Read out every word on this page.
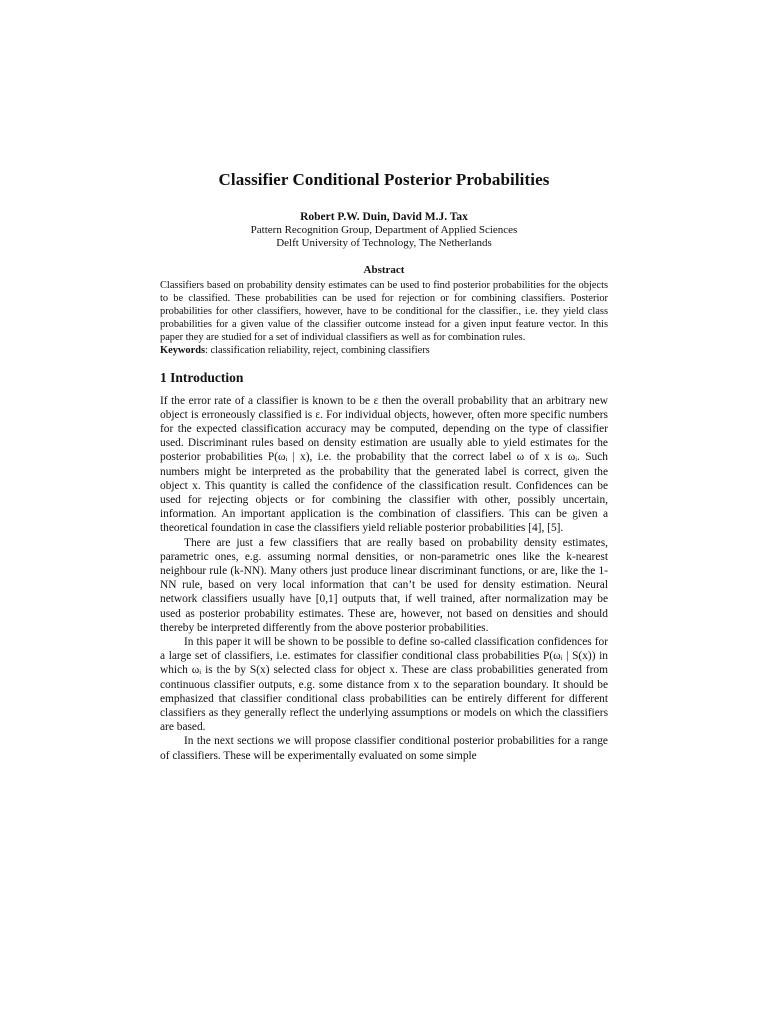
Classifier Conditional Posterior Probabilities

Robert P.W. Duin, David M.J. Tax

Pattern Recognition Group, Department of Applied Sciences

Delft University of Technology, The Netherlands

Abstract

Classifiers based on probability density estimates can be used to find posterior probabilities for the objects to be classified. These probabilities can be used for rejection or for combining classifiers. Posterior probabilities for other classifiers, however, have to be conditional for the classifier., i.e. they yield class probabilities for a given value of the classifier outcome instead for a given input feature vector. In this paper they are studied for a set of individual classifiers as well as for combination rules.

Keywords: classification reliability, reject, combining classifiers

1 Introduction

If the error rate of a classifier is known to be ε then the overall probability that an arbitrary new object is erroneously classified is ε. For individual objects, however, often more specific numbers for the expected classification accuracy may be computed, depending on the type of classifier used. Discriminant rules based on density estimation are usually able to yield estimates for the posterior probabilities P(ωᵢ | x), i.e. the probability that the correct label ω of x is ωᵢ. Such numbers might be interpreted as the probability that the generated label is correct, given the object x. This quantity is called the confidence of the classification result. Confidences can be used for rejecting objects or for combining the classifier with other, possibly uncertain, information. An important application is the combination of classifiers. This can be given a theoretical foundation in case the classifiers yield reliable posterior probabilities [4], [5].

There are just a few classifiers that are really based on probability density estimates, parametric ones, e.g. assuming normal densities, or non-parametric ones like the k-nearest neighbour rule (k-NN). Many others just produce linear discriminant functions, or are, like the 1-NN rule, based on very local information that can’t be used for density estimation. Neural network classifiers usually have [0,1] outputs that, if well trained, after normalization may be used as posterior probability estimates. These are, however, not based on densities and should thereby be interpreted differently from the above posterior probabilities.

In this paper it will be shown to be possible to define so-called classification confidences for a large set of classifiers, i.e. estimates for classifier conditional class probabilities P(ωᵢ | S(x)) in which ωᵢ is the by S(x) selected class for object x. These are class probabilities generated from continuous classifier outputs, e.g. some distance from x to the separation boundary. It should be emphasized that classifier conditional class probabilities can be entirely different for different classifiers as they generally reflect the underlying assumptions or models on which the classifiers are based.

In the next sections we will propose classifier conditional posterior probabilities for a range of classifiers. These will be experimentally evaluated on some simple
